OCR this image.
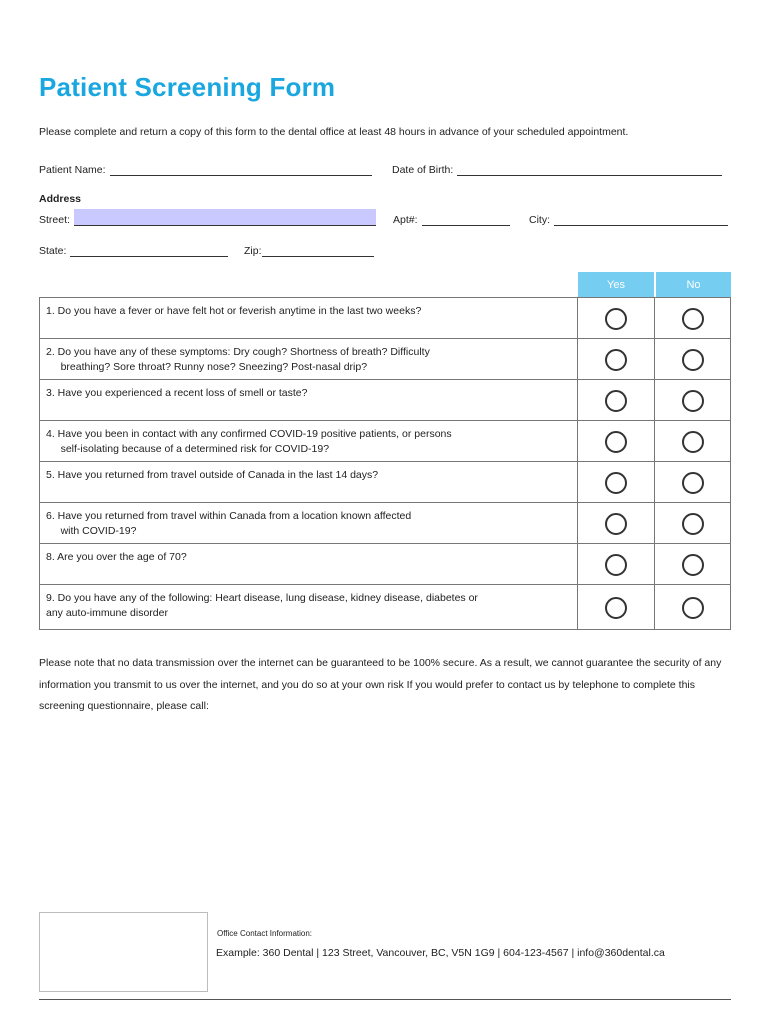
Patient Screening Form
Please complete and return a copy of this form to the dental office at least 48 hours in advance of your scheduled appointment.
Patient Name:	Date of Birth:
Address
Street:	Apt#:	City:
State:	Zip:
Yes	No
1. Do you have a fever or have felt hot or feverish anytime in the last two weeks?
2. Do you have any of these symptoms: Dry cough? Shortness of breath? Difficulty
breathing? Sore throat? Runny nose? Sneezing? Post-nasal drip?
3. Have you experienced a recent loss of smell or taste?
4. Have you been in contact with any confirmed COVID-19 positive patients, or persons
self-isolating because of a determined risk for COVID-19?
5. Have you returned from travel outside of Canada in the last 14 days?
6. Have you returned from travel within Canada from a location known affected
with COVID-19?
8. Are you over the age of 70?
9. Do you have any of the following: Heart disease, lung disease, kidney disease, diabetes or
any auto-immune disorder
Please note that no data transmission over the internet can be guaranteed to be 100% secure. As a result, we cannot guarantee the security of any information you transmit to us over the internet, and you do so at your own risk If you would prefer to contact us by telephone to complete this screening questionnaire, please call:
Office Contact Information:
Example: 360 Dental | 123 Street, Vancouver, BC, V5N 1G9 | 604-123-4567 | info@360dental.ca
